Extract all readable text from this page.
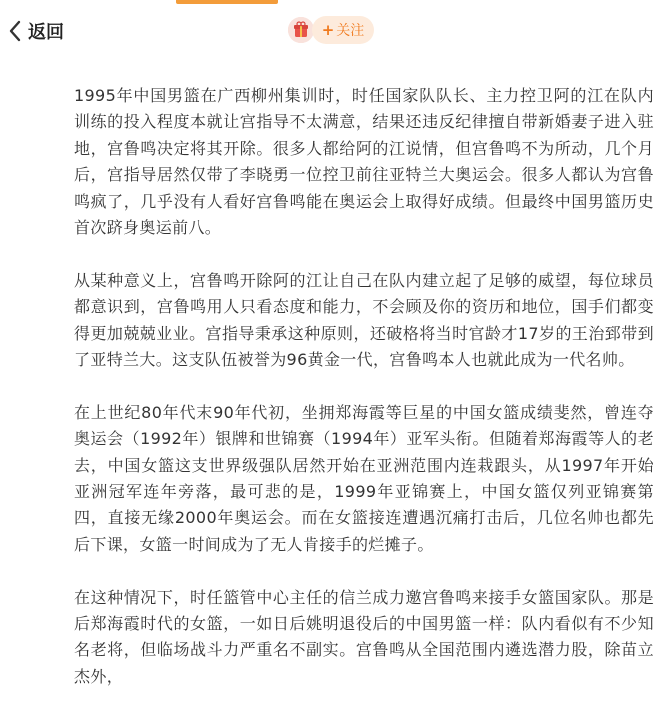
返回	+ 关注

1995年中国男篮在广西柳州集训时，时任国家队队长、主力控卫阿的江在队内训练的投入程度本就让宫指导不太满意，结果还违反纪律擅自带新婚妻子进入驻地，宫鲁鸣决定将其开除。很多人都给阿的江说情，但宫鲁鸣不为所动，几个月后，宫指导居然仅带了李晓勇一位控卫前往亚特兰大奥运会。很多人都认为宫鲁鸣疯了，几乎没有人看好宫鲁鸣能在奥运会上取得好成绩。但最终中国男篮历史首次跻身奥运前八。

从某种意义上，宫鲁鸣开除阿的江让自己在队内建立起了足够的威望，每位球员都意识到，宫鲁鸣用人只看态度和能力，不会顾及你的资历和地位，国手们都变得更加兢兢业业。宫指导秉承这种原则，还破格将当时官龄才17岁的王治郅带到了亚特兰大。这支队伍被誉为96黄金一代，宫鲁鸣本人也就此成为一代名帅。

在上世纪80年代末90年代初，坐拥郑海霞等巨星的中国女篮成绩斐然，曾连夺奥运会（1992年）银牌和世锦赛（1994年）亚军头衔。但随着郑海霞等人的老去，中国女篮这支世界级强队居然开始在亚洲范围内连栽跟头，从1997年开始亚洲冠军连年旁落，最可悲的是，1999年亚锦赛上，中国女篮仅列亚锦赛第四，直接无缘2000年奥运会。而在女篮接连遭遇沉痛打击后，几位名帅也都先后下课，女篮一时间成为了无人肯接手的烂摊子。

在这种情况下，时任篮管中心主任的信兰成力邀宫鲁鸣来接手女篮国家队。那是后郑海霞时代的女篮，一如日后姚明退役后的中国男篮一样：队内看似有不少知名老将，但临场战斗力严重名不副实。宫鲁鸣从全国范围内遴选潜力股，除苗立杰外，
